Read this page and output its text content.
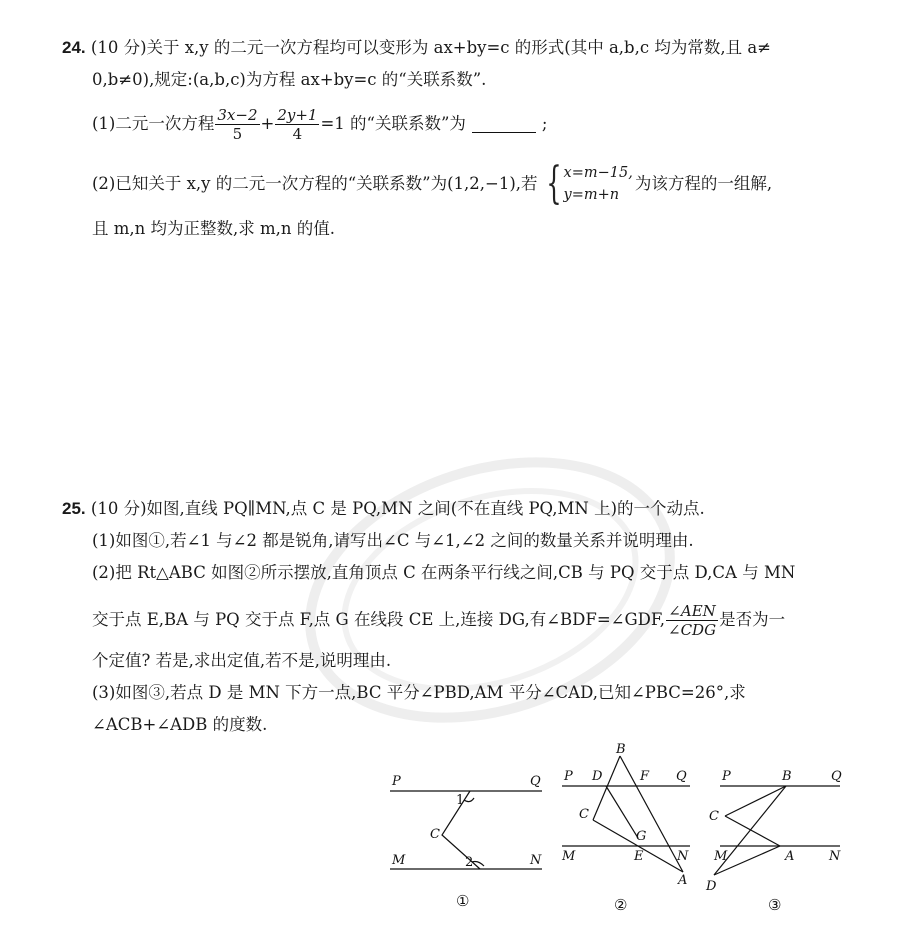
24. (10 分)关于 x,y 的二元一次方程均可以变形为 ax+by=c 的形式(其中 a,b,c 均为常数,且 a≠
0,b≠0),规定:(a,b,c)为方程 ax+by=c 的“关联系数”.
(1)二元一次方程 $\frac{3x-2}{5} + \frac{2y+1}{4} =1$ 的“关联系数”为	;
(2)已知关于 x,y 的二元一次方程的“关联系数”为(1,2,−1),若 { x=m−15,
y=m+n
为该方程的一组解,
且 m,n 均为正整数,求 m,n 的值.
25. (10 分)如图,直线 PQ∥MN,点 C 是 PQ,MN 之间(不在直线 PQ,MN 上)的一个动点.
(1)如图①,若∠1 与∠2 都是锐角,请写出∠C 与∠1,∠2 之间的数量关系并说明理由.
(2)把 Rt△ABC 如图②所示摆放,直角顶点 C 在两条平行线之间,CB 与 PQ 交于点 D,CA 与 MN
交于点 E,BA 与 PQ 交于点 F,点 G 在线段 CE 上,连接 DG,有∠BDF=∠GDF, $\frac{\text{∠AEN}}{\text{∠CDG}}$ 是否为一
个定值? 若是,求出定值,若不是,说明理由.
(3)如图③,若点 D 是 MN 下方一点,BC 平分∠PBD,AM 平分∠CAD,已知∠PBC=26°,求
∠ACB+∠ADB 的度数.
P	Q
1
C
M	2	N
①
B
P D	F Q
C
G
M	E	N
A
②
P	B	Q
C
M	A	N
D
③
